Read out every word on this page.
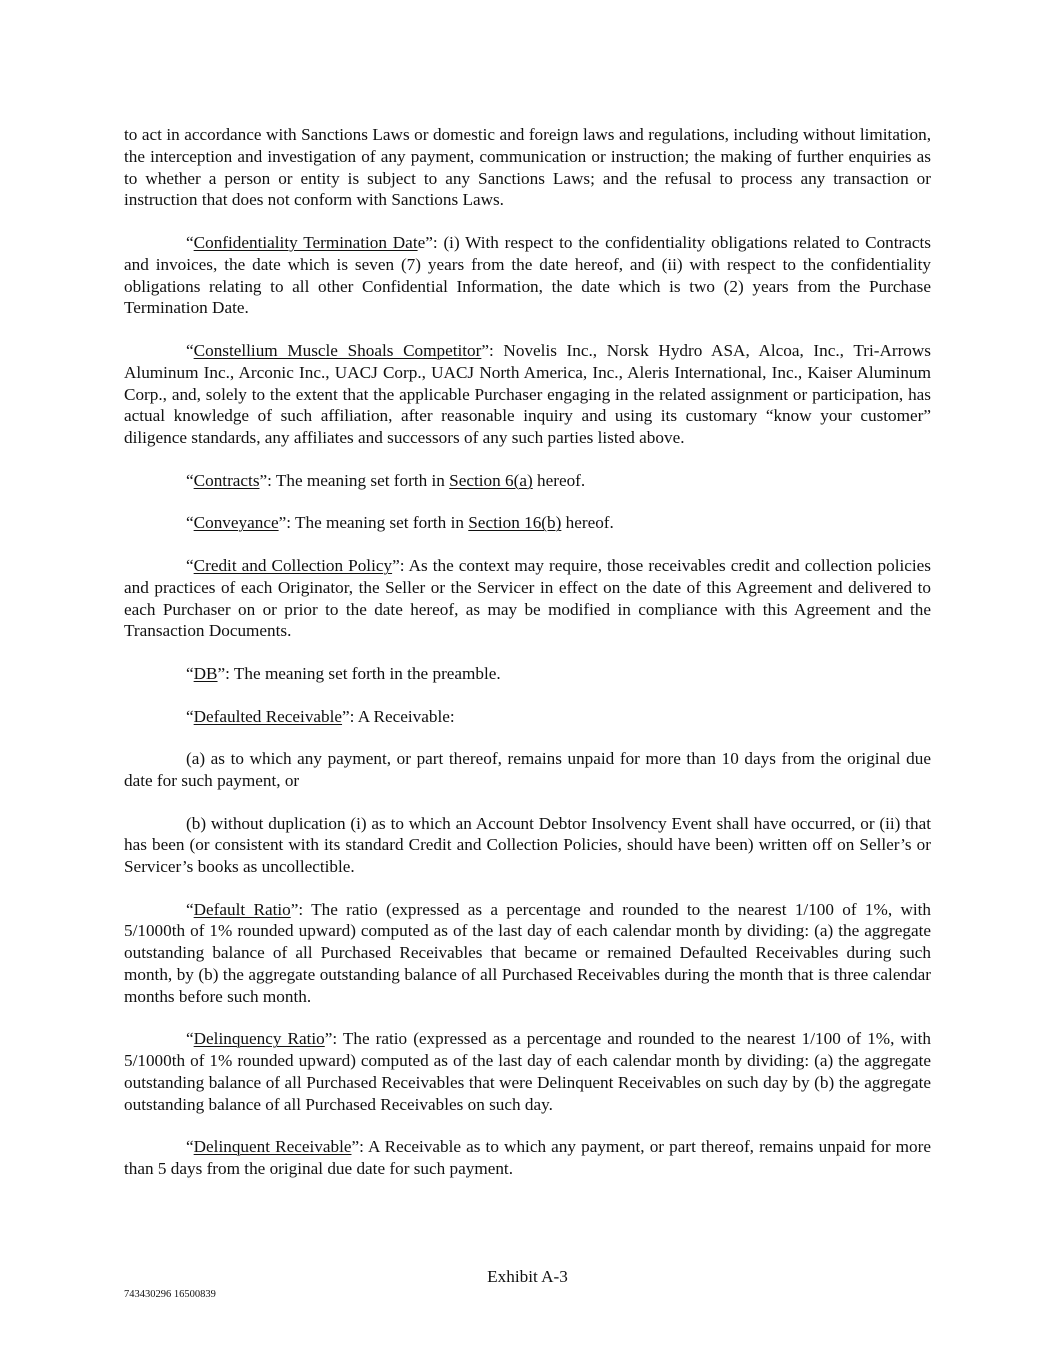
to act in accordance with Sanctions Laws or domestic and foreign laws and regulations, including without limitation, the interception and investigation of any payment, communication or instruction; the making of further enquiries as to whether a person or entity is subject to any Sanctions Laws; and the refusal to process any transaction or instruction that does not conform with Sanctions Laws.

“Confidentiality Termination Date”: (i) With respect to the confidentiality obligations related to Contracts and invoices, the date which is seven (7) years from the date hereof, and (ii) with respect to the confidentiality obligations relating to all other Confidential Information, the date which is two (2) years from the Purchase Termination Date.

“Constellium Muscle Shoals Competitor”: Novelis Inc., Norsk Hydro ASA, Alcoa, Inc., Tri-Arrows Aluminum Inc., Arconic Inc., UACJ Corp., UACJ North America, Inc., Aleris International, Inc., Kaiser Aluminum Corp., and, solely to the extent that the applicable Purchaser engaging in the related assignment or participation, has actual knowledge of such affiliation, after reasonable inquiry and using its customary “know your customer” diligence standards, any affiliates and successors of any such parties listed above.

“Contracts”: The meaning set forth in Section 6(a) hereof.

“Conveyance”: The meaning set forth in Section 16(b) hereof.

“Credit and Collection Policy”: As the context may require, those receivables credit and collection policies and practices of each Originator, the Seller or the Servicer in effect on the date of this Agreement and delivered to each Purchaser on or prior to the date hereof, as may be modified in compliance with this Agreement and the Transaction Documents.

“DB”: The meaning set forth in the preamble.

“Defaulted Receivable”: A Receivable:

(a) as to which any payment, or part thereof, remains unpaid for more than 10 days from the original due date for such payment, or

(b) without duplication (i) as to which an Account Debtor Insolvency Event shall have occurred, or (ii) that has been (or consistent with its standard Credit and Collection Policies, should have been) written off on Seller’s or Servicer’s books as uncollectible.

“Default Ratio”: The ratio (expressed as a percentage and rounded to the nearest 1/100 of 1%, with 5/1000th of 1% rounded upward) computed as of the last day of each calendar month by dividing: (a) the aggregate outstanding balance of all Purchased Receivables that became or remained Defaulted Receivables during such month, by (b) the aggregate outstanding balance of all Purchased Receivables during the month that is three calendar months before such month.

“Delinquency Ratio”: The ratio (expressed as a percentage and rounded to the nearest 1/100 of 1%, with 5/1000th of 1% rounded upward) computed as of the last day of each calendar month by dividing: (a) the aggregate outstanding balance of all Purchased Receivables that were Delinquent Receivables on such day by (b) the aggregate outstanding balance of all Purchased Receivables on such day.

“Delinquent Receivable”: A Receivable as to which any payment, or part thereof, remains unpaid for more than 5 days from the original due date for such payment.

Exhibit A-3
743430296 16500839
